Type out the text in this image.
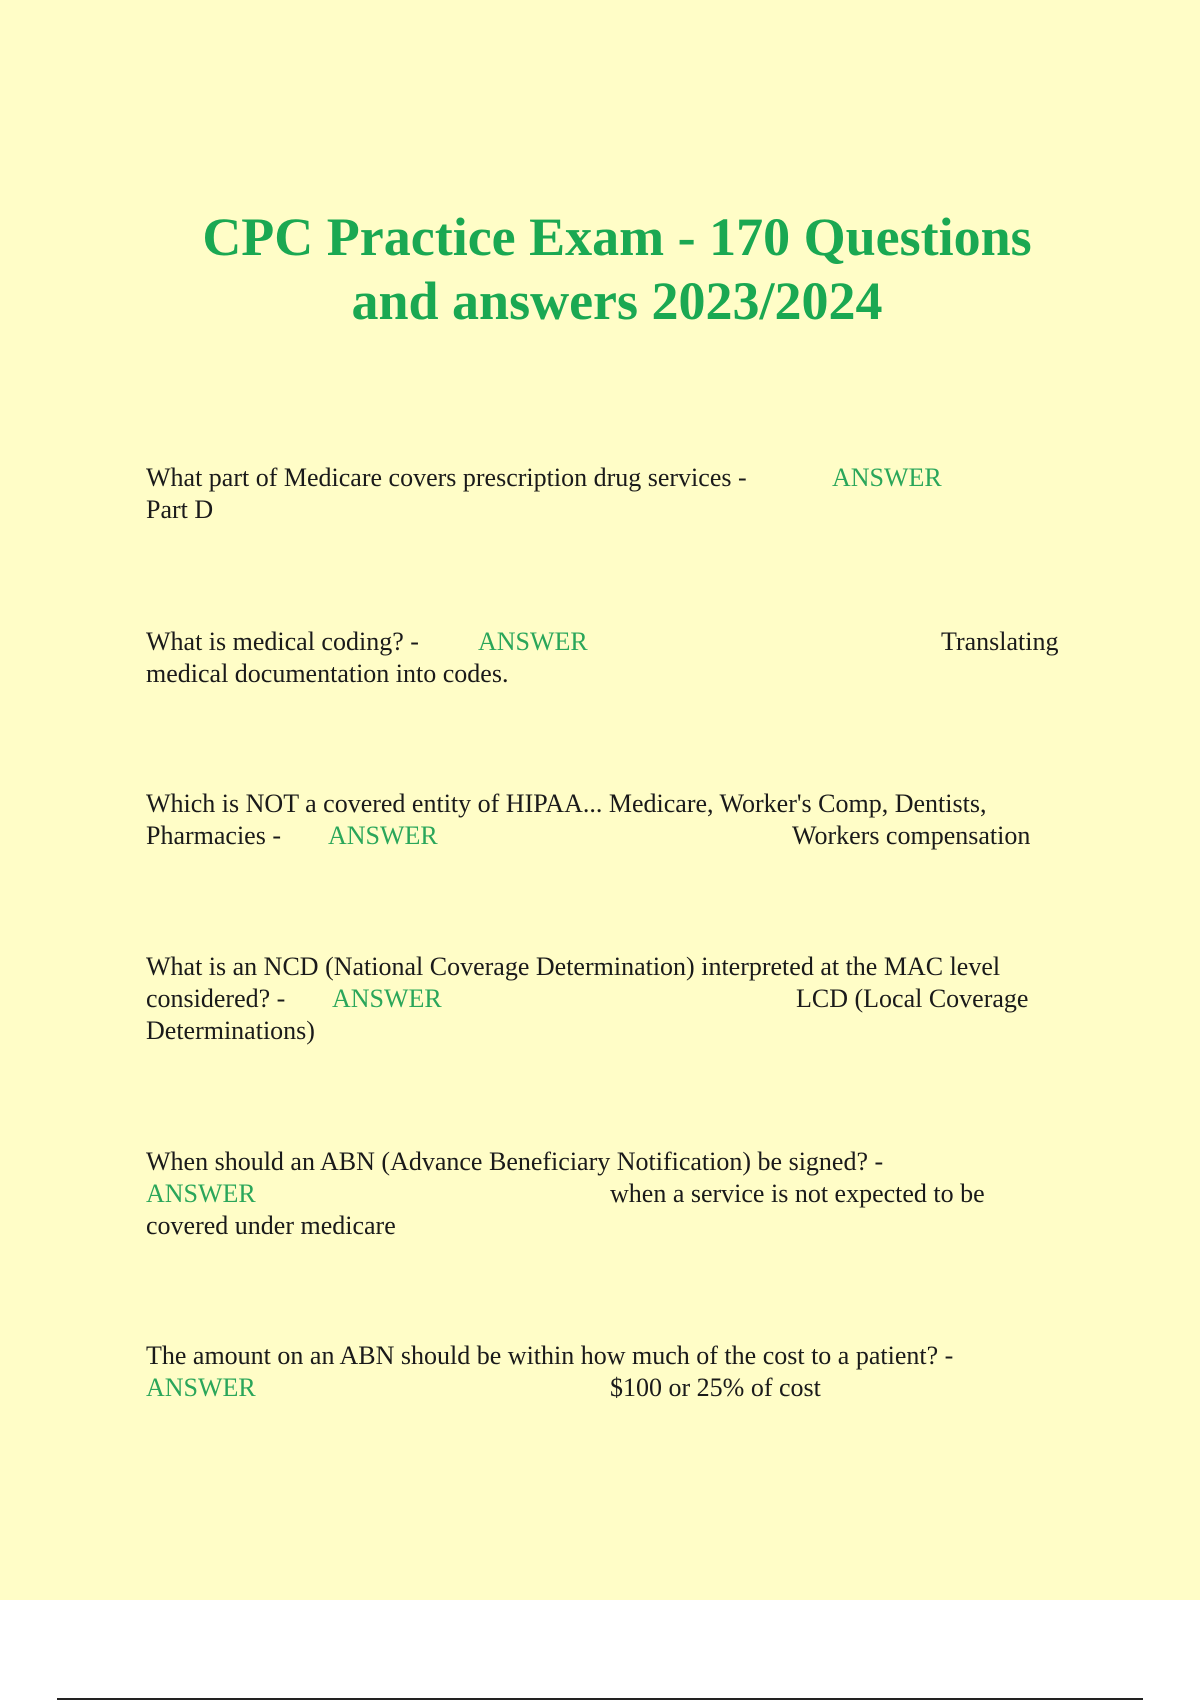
CPC Practice Exam - 170 Questions
and answers 2023/2024
What part of Medicare covers prescription drug services -	ANSWER
Part D
What is medical coding? - ANSWER	Translating
medical documentation into codes.
Which is NOT a covered entity of HIPAA... Medicare, Worker's Comp, Dentists,
Pharmacies - ANSWER	Workers compensation
What is an NCD (National Coverage Determination) interpreted at the MAC level
considered? - ANSWER	LCD (Local Coverage
Determinations)
When should an ABN (Advance Beneficiary Notification) be signed? -
ANSWER	when a service is not expected to be
covered under medicare
The amount on an ABN should be within how much of the cost to a patient? -
ANSWER	$100 or 25% of cost
